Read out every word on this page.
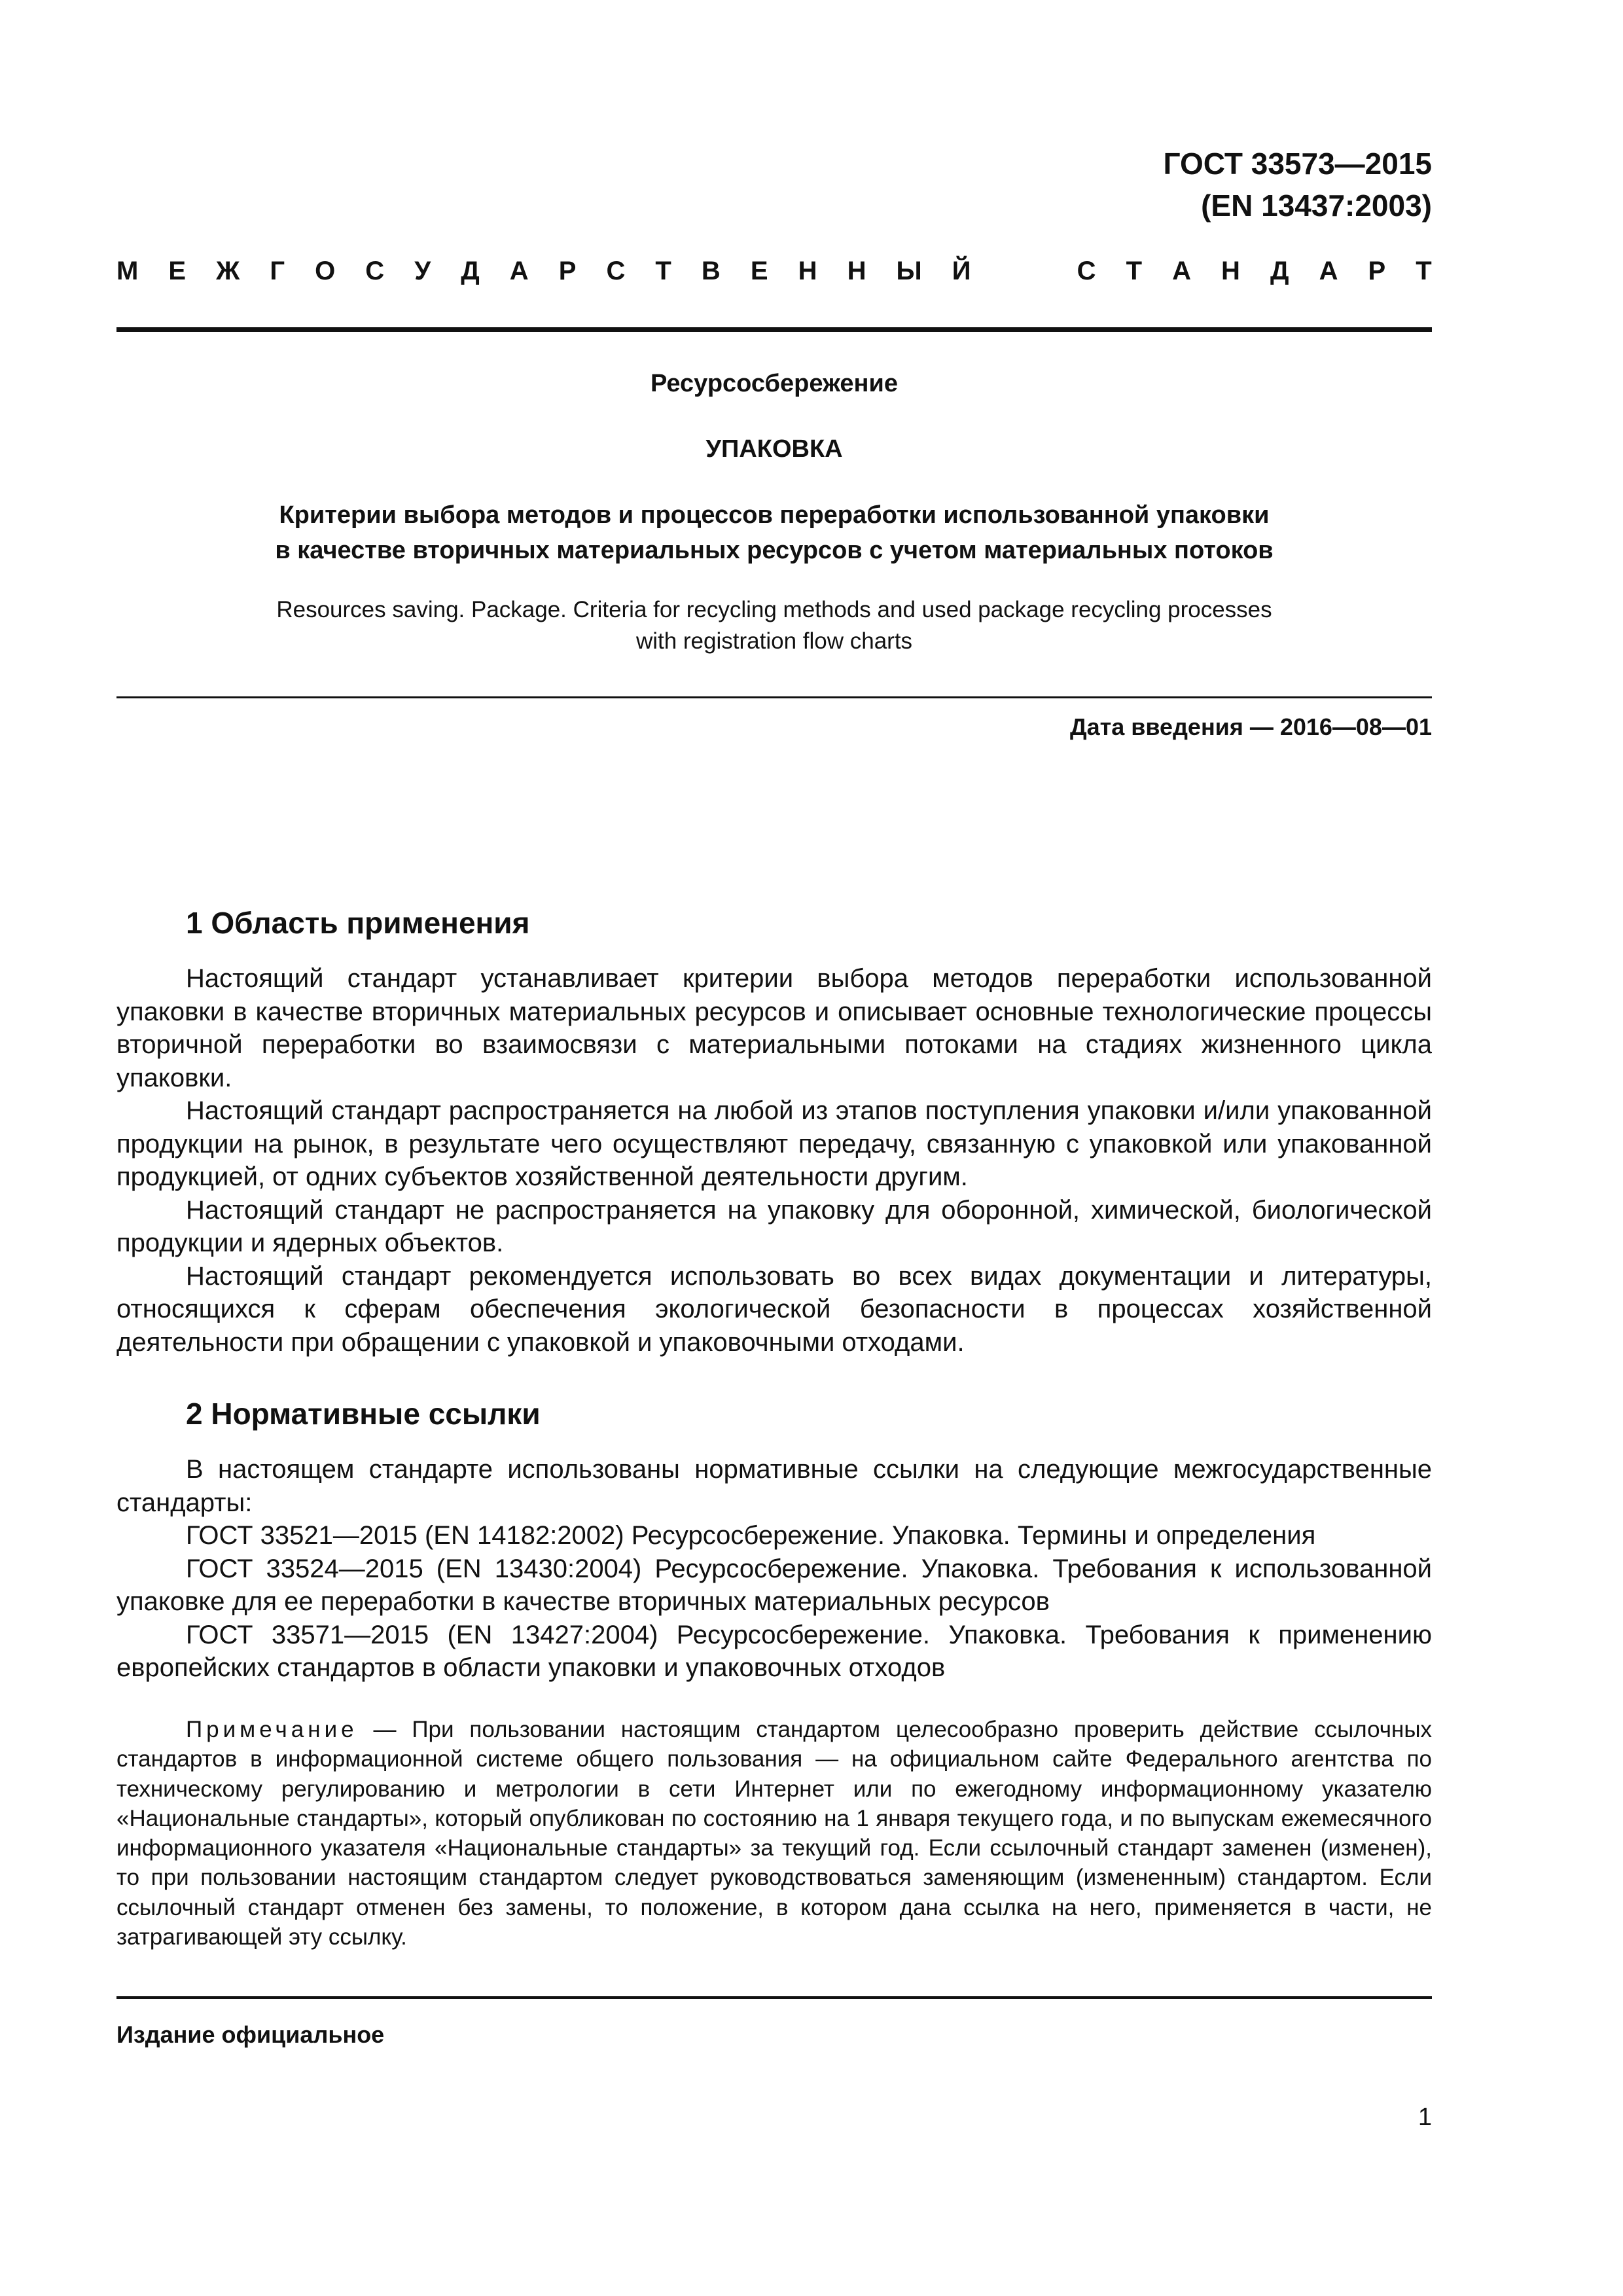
ГОСТ 33573—2015
(EN 13437:2003)
М Е Ж Г О С У Д А Р С Т В Е Н Н Ы Й	С Т А Н Д А Р Т
Ресурсосбережение
УПАКОВКА
Критерии выбора методов и процессов переработки использованной упаковки
в качестве вторичных материальных ресурсов с учетом материальных потоков
Resources saving. Package. Criteria for recycling methods and used package recycling processes
with registration flow charts
Дата введения — 2016—08—01
1 Область применения

Настоящий стандарт устанавливает критерии выбора методов переработки использованной упаковки в качестве вторичных материальных ресурсов и описывает основные технологические процессы вторичной переработки во взаимосвязи с материальными потоками на стадиях жизненного цикла упаковки.

Настоящий стандарт распространяется на любой из этапов поступления упаковки и/или упакованной продукции на рынок, в результате чего осуществляют передачу, связанную с упаковкой или упакованной продукцией, от одних субъектов хозяйственной деятельности другим.

Настоящий стандарт не распространяется на упаковку для оборонной, химической, биологической продукции и ядерных объектов.

Настоящий стандарт рекомендуется использовать во всех видах документации и литературы, относящихся к сферам обеспечения экологической безопасности в процессах хозяйственной деятельности при обращении с упаковкой и упаковочными отходами.

2 Нормативные ссылки

В настоящем стандарте использованы нормативные ссылки на следующие межгосударственные стандарты:

ГОСТ 33521—2015 (EN 14182:2002) Ресурсосбережение. Упаковка. Термины и определения

ГОСТ 33524—2015 (EN 13430:2004) Ресурсосбережение. Упаковка. Требования к использованной упаковке для ее переработки в качестве вторичных материальных ресурсов

ГОСТ 33571—2015 (EN 13427:2004) Ресурсосбережение. Упаковка. Требования к применению европейских стандартов в области упаковки и упаковочных отходов

Примечание — При пользовании настоящим стандартом целесообразно проверить действие ссылочных стандартов в информационной системе общего пользования — на официальном сайте Федерального агентства по техническому регулированию и метрологии в сети Интернет или по ежегодному информационному указателю «Национальные стандарты», который опубликован по состоянию на 1 января текущего года, и по выпускам ежемесячного информационного указателя «Национальные стандарты» за текущий год. Если ссылочный стандарт заменен (изменен), то при пользовании настоящим стандартом следует руководствоваться заменяющим (измененным) стандартом. Если ссылочный стандарт отменен без замены, то положение, в котором дана ссылка на него, применяется в части, не затрагивающей эту ссылку.

Издание официальное
1
